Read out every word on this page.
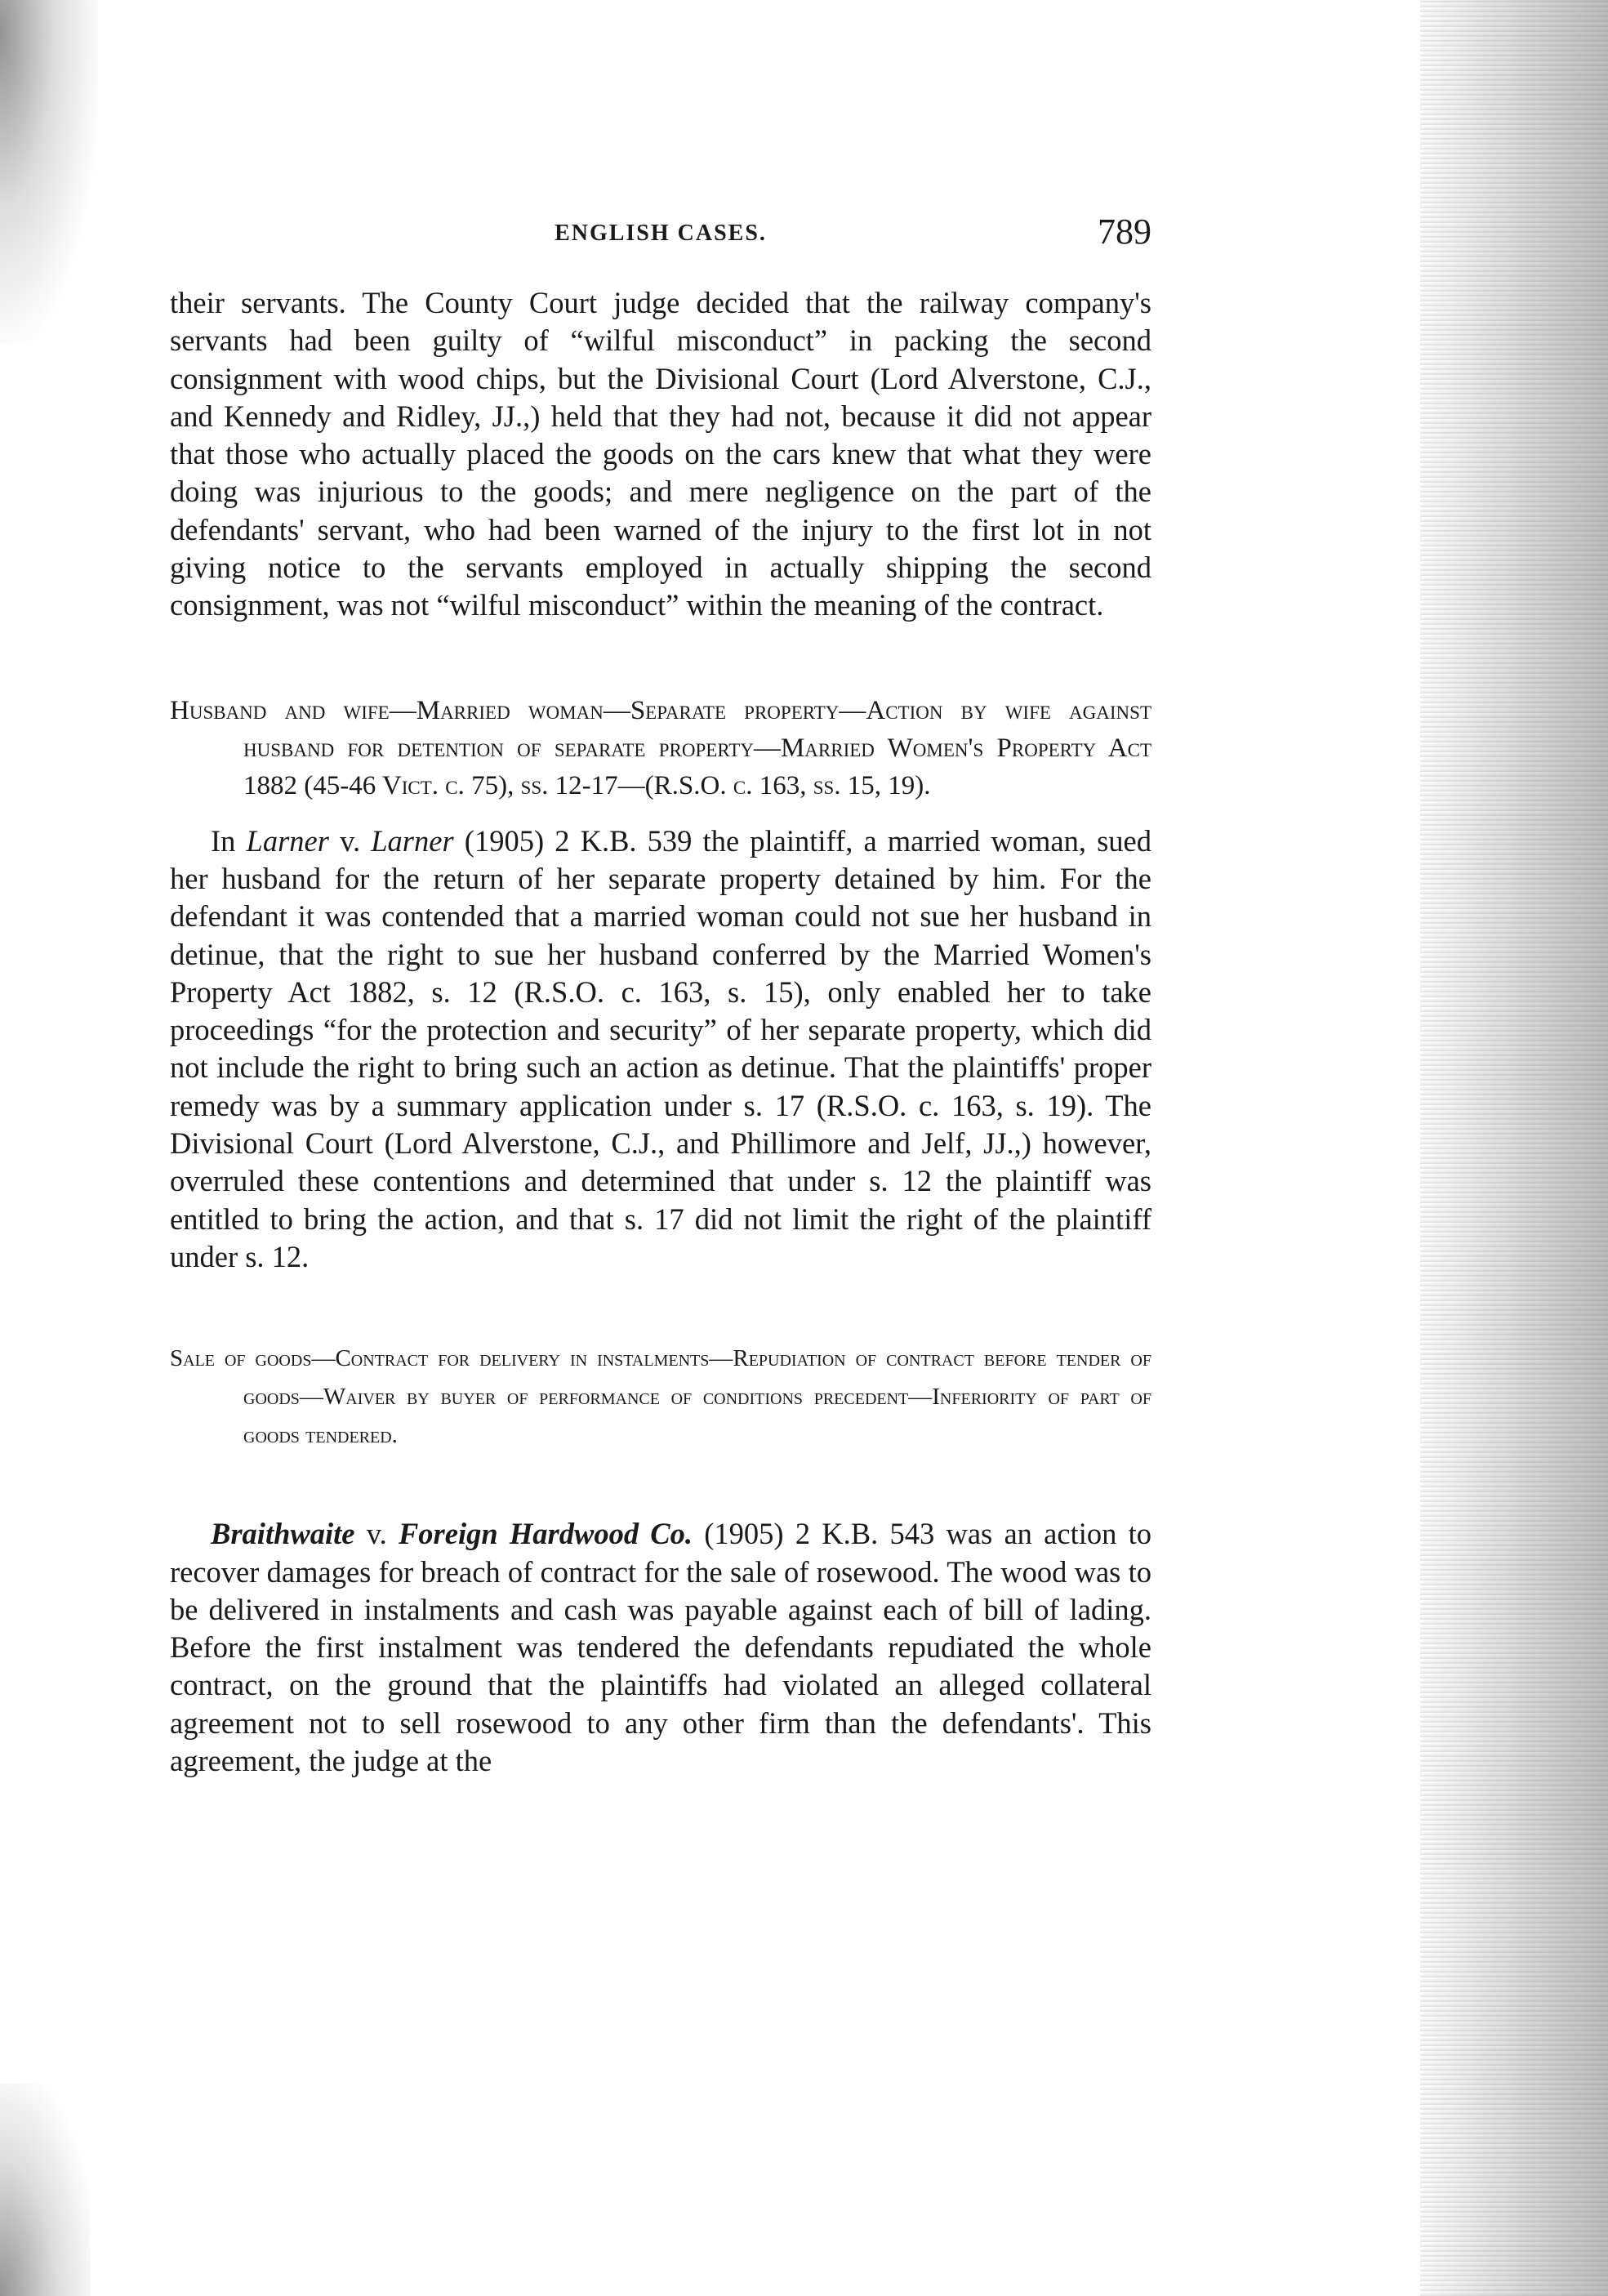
ENGLISH CASES.	789

their servants. The County Court judge decided that the railway company's servants had been guilty of “wilful misconduct” in packing the second consignment with wood chips, but the Divisional Court (Lord Alverstone, C.J., and Kennedy and Ridley, JJ.,) held that they had not, because it did not appear that those who actually placed the goods on the cars knew that what they were doing was injurious to the goods; and mere negligence on the part of the defendants' servant, who had been warned of the injury to the first lot in not giving notice to the servants employed in actually shipping the second consignment, was not “wilful misconduct” within the meaning of the contract.

Husband and wife—Married woman—Separate property—Action by wife against husband for detention of separate property—Married Women's Property Act 1882 (45-46 Vict. c. 75), ss. 12-17—(R.S.O. c. 163, ss. 15, 19).

In Larner v. Larner (1905) 2 K.B. 539 the plaintiff, a married woman, sued her husband for the return of her separate property detained by him. For the defendant it was contended that a married woman could not sue her husband in detinue, that the right to sue her husband conferred by the Married Women's Property Act 1882, s. 12 (R.S.O. c. 163, s. 15), only enabled her to take proceedings “for the protection and security” of her separate property, which did not include the right to bring such an action as detinue. That the plaintiffs' proper remedy was by a summary application under s. 17 (R.S.O. c. 163, s. 19). The Divisional Court (Lord Alverstone, C.J., and Phillimore and Jelf, JJ.,) however, overruled these contentions and determined that under s. 12 the plaintiff was entitled to bring the action, and that s. 17 did not limit the right of the plaintiff under s. 12.

Sale of goods—Contract for delivery in instalments—Repudiation of contract before tender of goods—Waiver by buyer of performance of conditions precedent—Inferiority of part of goods tendered.

Braithwaite v. Foreign Hardwood Co. (1905) 2 K.B. 543 was an action to recover damages for breach of contract for the sale of rosewood. The wood was to be delivered in instalments and cash was payable against each of bill of lading. Before the first instalment was tendered the defendants repudiated the whole contract, on the ground that the plaintiffs had violated an alleged collateral agreement not to sell rosewood to any other firm than the defendants'. This agreement, the judge at the
